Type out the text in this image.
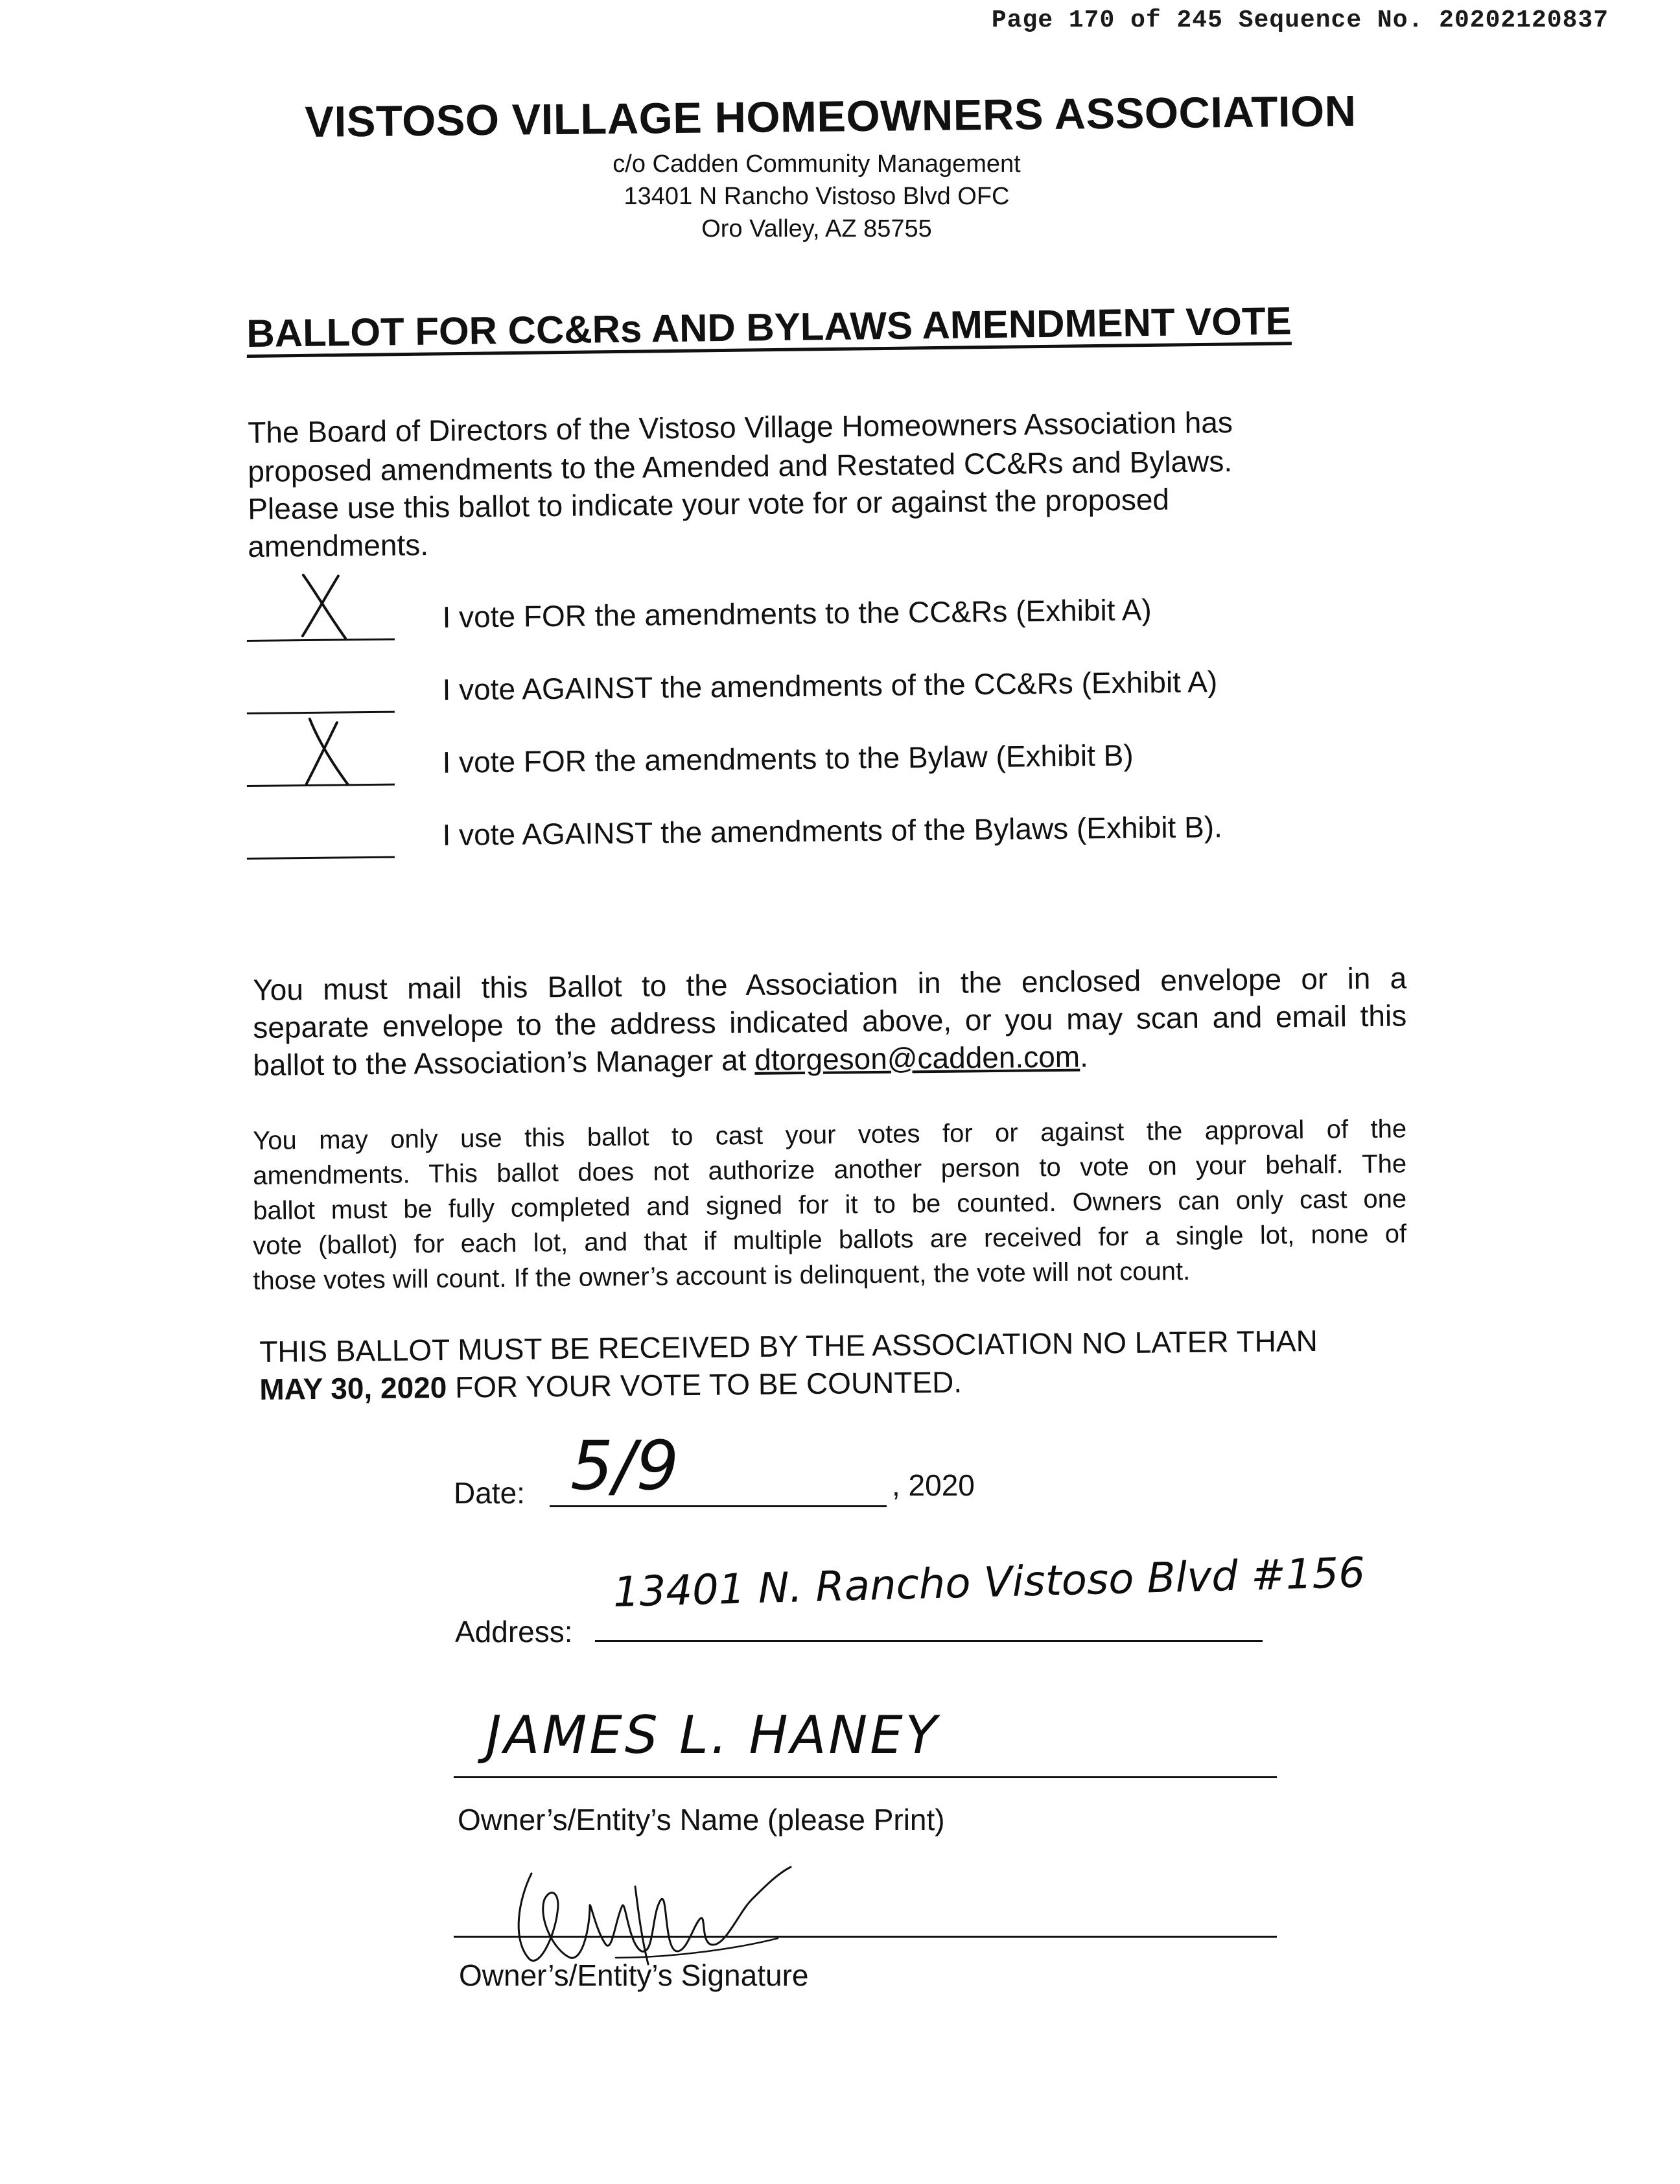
Page 170 of 245 Sequence No. 20202120837
VISTOSO VILLAGE HOMEOWNERS ASSOCIATION
c/o Cadden Community Management
13401 N Rancho Vistoso Blvd OFC
Oro Valley, AZ 85755
BALLOT FOR CC&Rs AND BYLAWS AMENDMENT VOTE
The Board of Directors of the Vistoso Village Homeowners Association has
proposed amendments to the Amended and Restated CC&Rs and Bylaws.
Please use this ballot to indicate your vote for or against the proposed
amendments.
I vote FOR the amendments to the CC&Rs (Exhibit A)
I vote AGAINST the amendments of the CC&Rs (Exhibit A)
I vote FOR the amendments to the Bylaw (Exhibit B)
I vote AGAINST the amendments of the Bylaws (Exhibit B).
You must mail this Ballot to the Association in the enclosed envelope or in a
separate envelope to the address indicated above, or you may scan and email this
ballot to the Association’s Manager at dtorgeson@cadden.com.
You may only use this ballot to cast your votes for or against the approval of the
amendments. This ballot does not authorize another person to vote on your behalf. The
ballot must be fully completed and signed for it to be counted. Owners can only cast one
vote (ballot) for each lot, and that if multiple ballots are received for a single lot, none of
those votes will count. If the owner’s account is delinquent, the vote will not count.
THIS BALLOT MUST BE RECEIVED BY THE ASSOCIATION NO LATER THAN
MAY 30, 2020 FOR YOUR VOTE TO BE COUNTED.
Date: 5/9	, 2020
Address:
13401 N. Rancho Vistoso Blvd #156
JAMES L. HANEY
Owner’s/Entity’s Name (please Print)
Owner’s/Entity’s Signature
